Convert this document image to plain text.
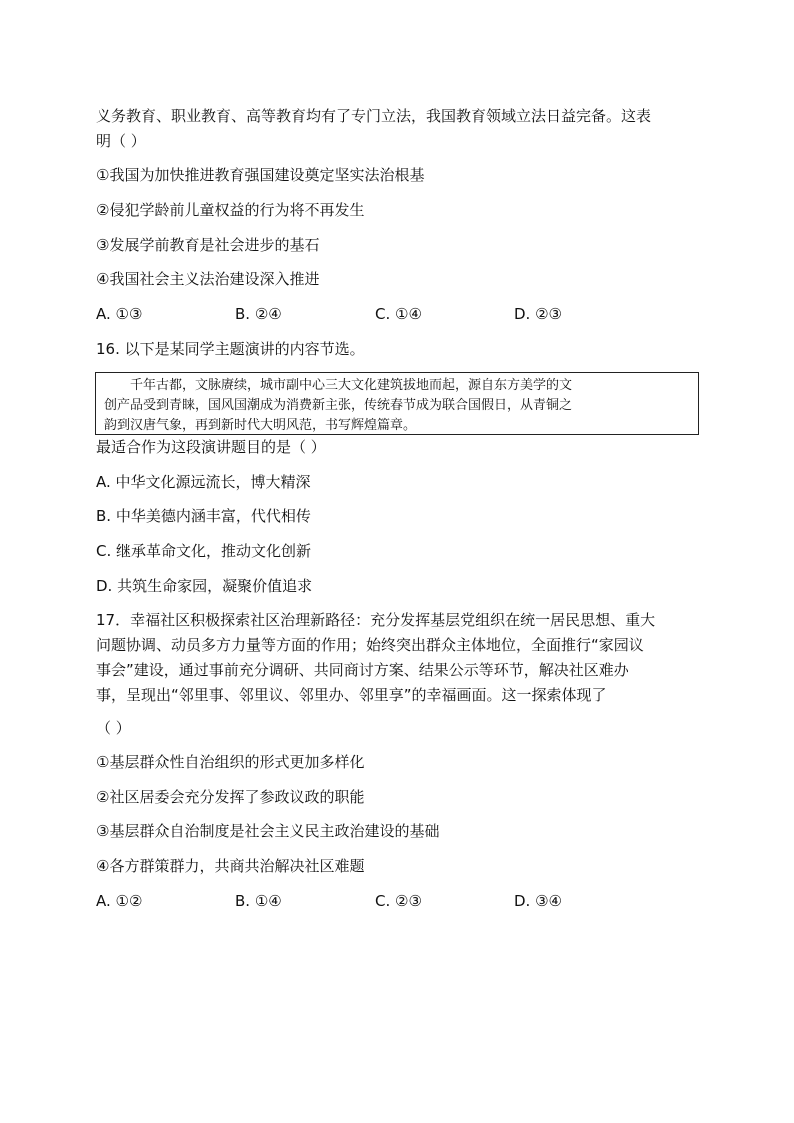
义务教育、职业教育、高等教育均有了专门立法，我国教育领域立法日益完备。这表
明（ ）
①我国为加快推进教育强国建设奠定坚实法治根基
②侵犯学龄前儿童权益的行为将不再发生
③发展学前教育是社会进步的基石
④我国社会主义法治建设深入推进
A. ①③	B. ②④	C. ①④	D. ②③
16. 以下是某同学主题演讲的内容节选。
　　千年古都，文脉赓续，城市副中心三大文化建筑拔地而起，源自东方美学的文
创产品受到青睐，国风国潮成为消费新主张，传统春节成为联合国假日，从青铜之
韵到汉唐气象，再到新时代大明风范，书写辉煌篇章。
最适合作为这段演讲题目的是（ ）
A. 中华文化源远流长，博大精深
B. 中华美德内涵丰富，代代相传
C. 继承革命文化，推动文化创新
D. 共筑生命家园，凝聚价值追求
17．幸福社区积极探索社区治理新路径：充分发挥基层党组织在统一居民思想、重大
问题协调、动员多方力量等方面的作用；始终突出群众主体地位，全面推行“家园议
事会”建设，通过事前充分调研、共同商讨方案、结果公示等环节，解决社区难办
事，呈现出“邻里事、邻里议、邻里办、邻里享”的幸福画面。这一探索体现了
（ ）
①基层群众性自治组织的形式更加多样化
②社区居委会充分发挥了参政议政的职能
③基层群众自治制度是社会主义民主政治建设的基础
④各方群策群力，共商共治解决社区难题
A. ①②	B. ①④	C. ②③	D. ③④
